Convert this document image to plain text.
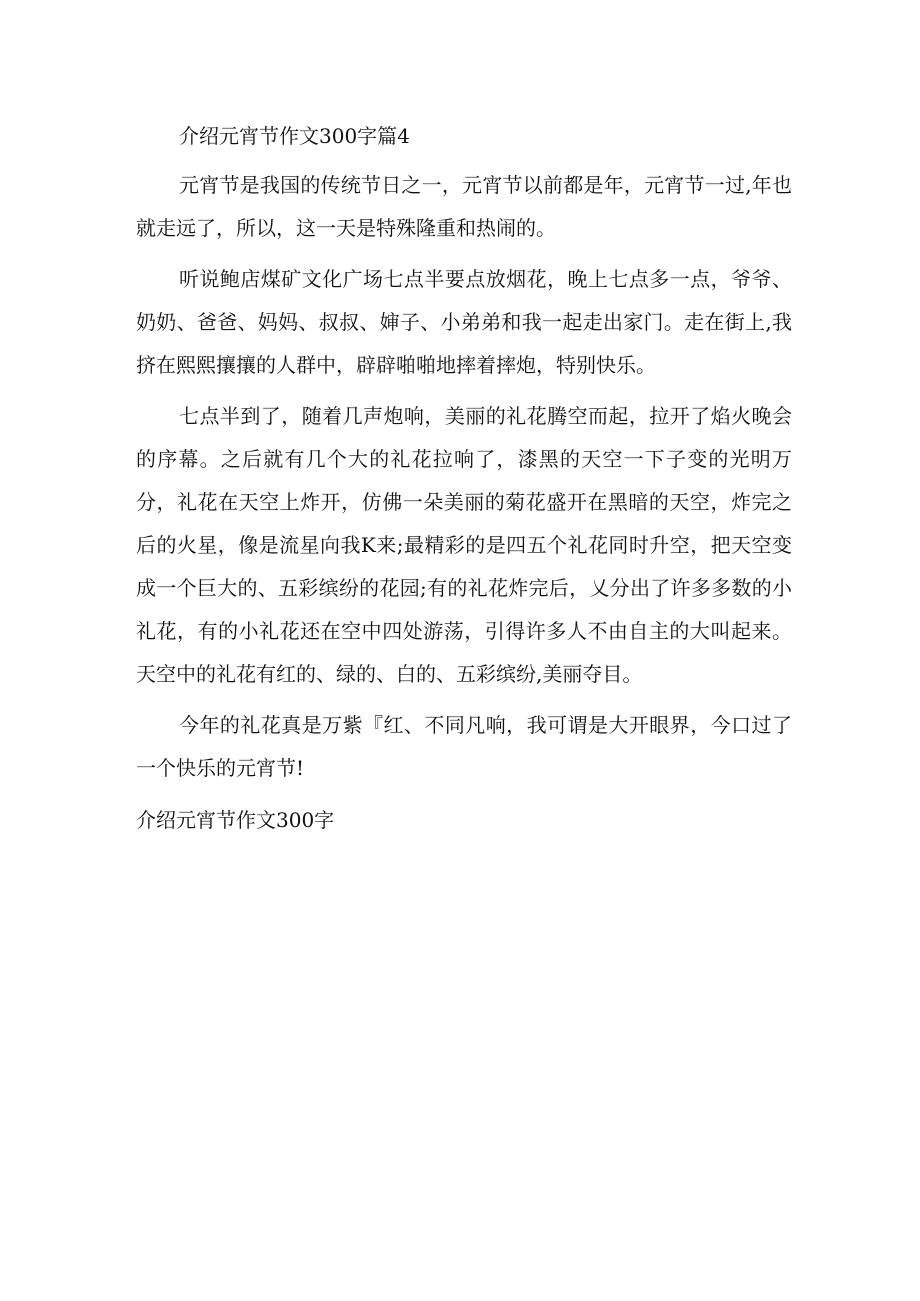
介绍元宵节作文300字篇4

元宵节是我国的传统节日之一，元宵节以前都是年，元宵节一过,年也就走远了，所以，这一天是特殊隆重和热闹的。

听说鲍店煤矿文化广场七点半要点放烟花，晚上七点多一点，爷爷、奶奶、爸爸、妈妈、叔叔、婶子、小弟弟和我一起走出家门。走在街上,我挤在熙熙攘攘的人群中，辟辟啪啪地摔着摔炮，特别快乐。

七点半到了，随着几声炮响，美丽的礼花腾空而起，拉开了焰火晚会的序幕。之后就有几个大的礼花拉响了，漆黑的天空一下子变的光明万分，礼花在天空上炸开，仿佛一朵美丽的菊花盛开在黑暗的天空，炸完之后的火星，像是流星向我K来;最精彩的是四五个礼花同时升空，把天空变成一个巨大的、五彩缤纷的花园;有的礼花炸完后，乂分出了许多多数的小礼花，有的小礼花还在空中四处游荡，引得许多人不由自主的大叫起来。天空中的礼花有红的、绿的、白的、五彩缤纷,美丽夺目。

今年的礼花真是万紫『红、不同凡响，我可谓是大开眼界，今口过了一个快乐的元宵节!

介绍元宵节作文300字
